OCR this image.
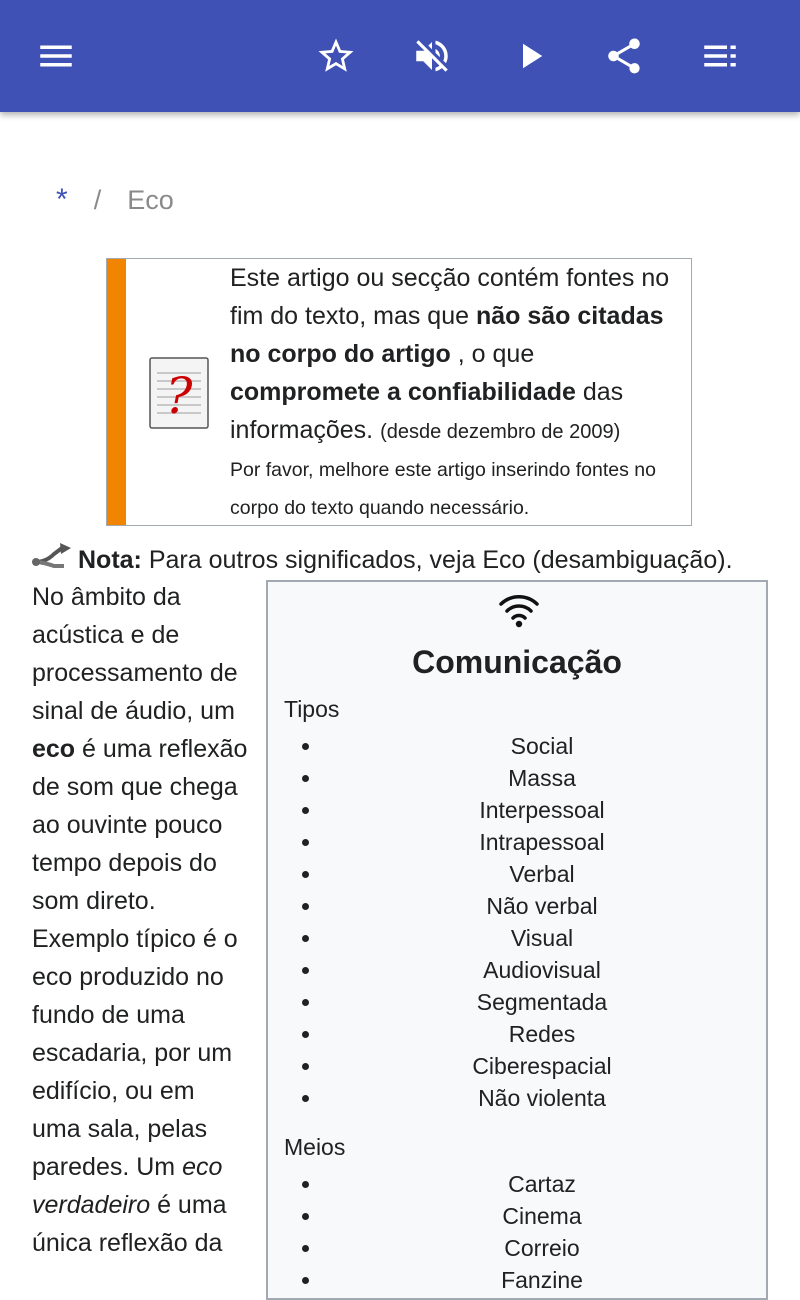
* / Eco
?
Este artigo ou secção contém fontes no fim do texto, mas que não são citadas no corpo do artigo , o que compromete a confiabilidade das informações. (desde dezembro de 2009)
Por favor, melhore este artigo inserindo fontes no corpo do texto quando necessário.
Nota: Para outros significados, veja Eco (desambiguação).
No âmbito da acústica e de processamento de sinal de áudio, um eco é uma reflexão de som que chega ao ouvinte pouco tempo depois do som direto. Exemplo típico é o eco produzido no fundo de uma escadaria, por um edifício, ou em uma sala, pelas paredes. Um eco verdadeiro é uma única reflexão da
Comunicação
Tipos
Social
Massa
Interpessoal
Intrapessoal
Verbal
Não verbal
Visual
Audiovisual
Segmentada
Redes
Ciberespacial
Não violenta
Meios
Cartaz
Cinema
Correio
Fanzine
